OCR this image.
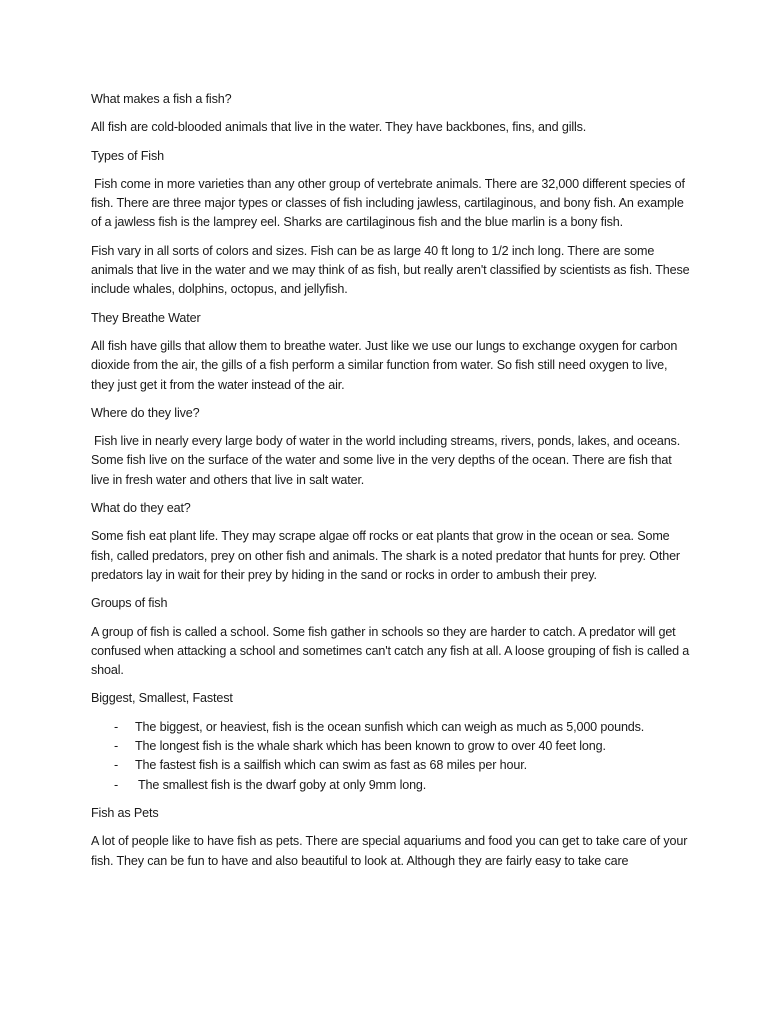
What makes a fish a fish?
All fish are cold-blooded animals that live in the water. They have backbones, fins, and gills.
Types of Fish
Fish come in more varieties than any other group of vertebrate animals. There are 32,000 different species of fish. There are three major types or classes of fish including jawless, cartilaginous, and bony fish. An example of a jawless fish is the lamprey eel. Sharks are cartilaginous fish and the blue marlin is a bony fish.
Fish vary in all sorts of colors and sizes. Fish can be as large 40 ft long to 1/2 inch long. There are some animals that live in the water and we may think of as fish, but really aren't classified by scientists as fish. These include whales, dolphins, octopus, and jellyfish.
They Breathe Water
All fish have gills that allow them to breathe water. Just like we use our lungs to exchange oxygen for carbon dioxide from the air, the gills of a fish perform a similar function from water. So fish still need oxygen to live, they just get it from the water instead of the air.
Where do they live?
Fish live in nearly every large body of water in the world including streams, rivers, ponds, lakes, and oceans. Some fish live on the surface of the water and some live in the very depths of the ocean. There are fish that live in fresh water and others that live in salt water.
What do they eat?
Some fish eat plant life. They may scrape algae off rocks or eat plants that grow in the ocean or sea. Some fish, called predators, prey on other fish and animals. The shark is a noted predator that hunts for prey. Other predators lay in wait for their prey by hiding in the sand or rocks in order to ambush their prey.
Groups of fish
A group of fish is called a school. Some fish gather in schools so they are harder to catch. A predator will get confused when attacking a school and sometimes can't catch any fish at all. A loose grouping of fish is called a shoal.
Biggest, Smallest, Fastest
-	The biggest, or heaviest, fish is the ocean sunfish which can weigh as much as 5,000 pounds.
-	The longest fish is the whale shark which has been known to grow to over 40 feet long.
-	The fastest fish is a sailfish which can swim as fast as 68 miles per hour.
-	The smallest fish is the dwarf goby at only 9mm long.
Fish as Pets
A lot of people like to have fish as pets. There are special aquariums and food you can get to take care of your fish. They can be fun to have and also beautiful to look at. Although they are fairly easy to take care
